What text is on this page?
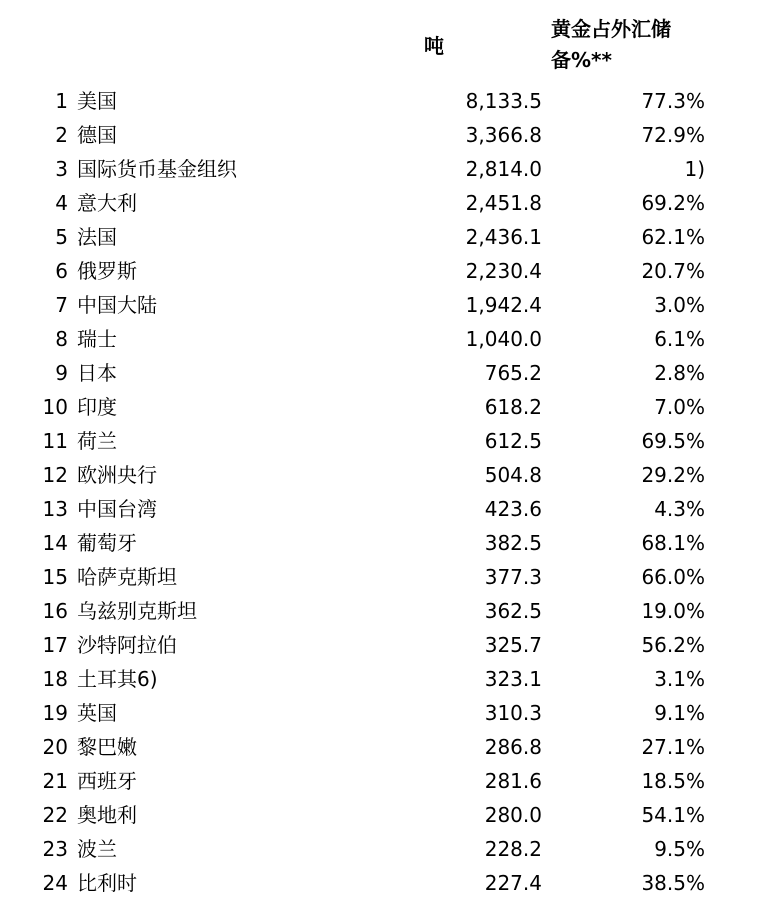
吨
黄金占外汇储
备%**
1 美国	8,133.5	77.3%
2 德国	3,366.8	72.9%
3 国际货币基金组织	2,814.0	1)
4 意大利	2,451.8	69.2%
5 法国	2,436.1	62.1%
6 俄罗斯	2,230.4	20.7%
7 中国大陆	1,942.4	3.0%
8 瑞士	1,040.0	6.1%
9 日本	765.2	2.8%
10 印度	618.2	7.0%
11 荷兰	612.5	69.5%
12 欧洲央行	504.8	29.2%
13 中国台湾	423.6	4.3%
14 葡萄牙	382.5	68.1%
15 哈萨克斯坦	377.3	66.0%
16 乌兹别克斯坦	362.5	19.0%
17 沙特阿拉伯	325.7	56.2%
18 土耳其6)	323.1	3.1%
19 英国	310.3	9.1%
20 黎巴嫩	286.8	27.1%
21 西班牙	281.6	18.5%
22 奥地利	280.0	54.1%
23 波兰	228.2	9.5%
24 比利时	227.4	38.5%
